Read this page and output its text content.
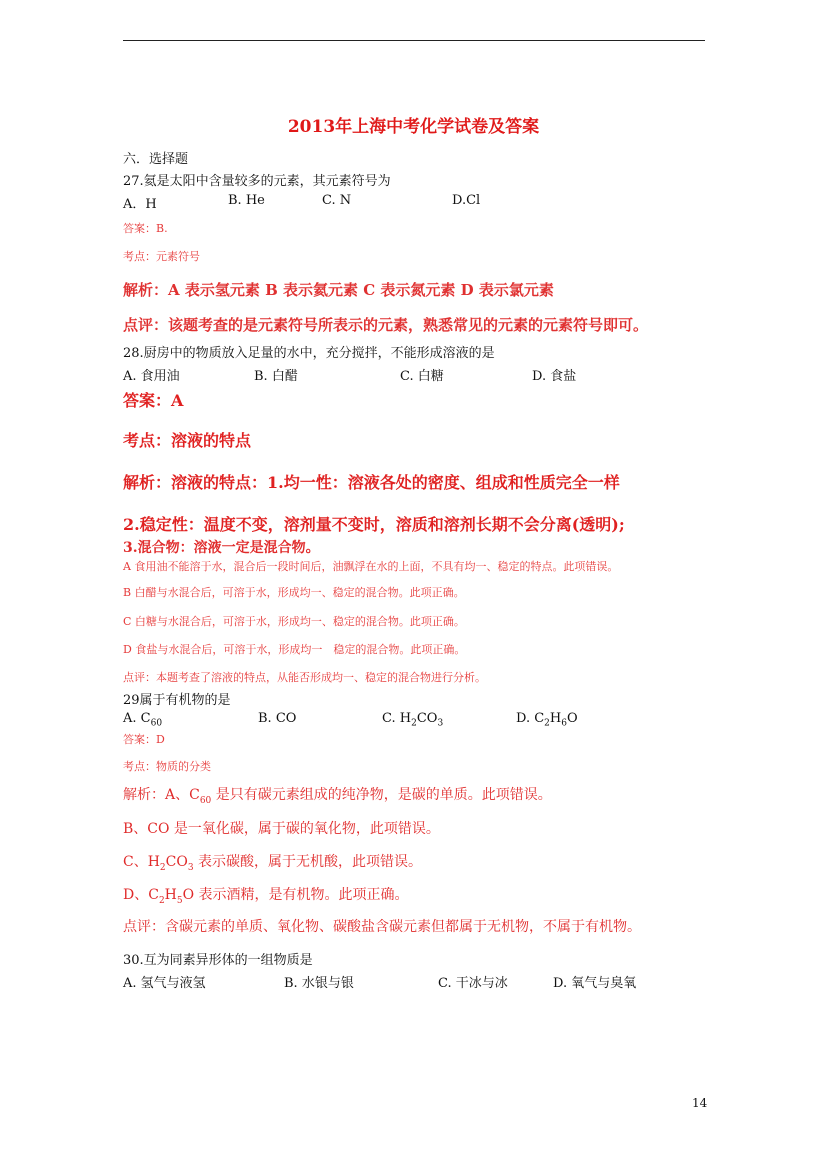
2013年上海中考化学试卷及答案
六．选择题
27.氦是太阳中含量较多的元素，其元素符号为
A．H	B. He	C. N	D.Cl
答案：B.
考点：元素符号
解析：A 表示氢元素 B 表示氦元素 C 表示氮元素 D 表示氯元素
点评：该题考查的是元素符号所表示的元素，熟悉常见的元素的元素符号即可。
28.厨房中的物质放入足量的水中，充分搅拌，不能形成溶液的是
A. 食用油	B. 白醋	C. 白糖	D. 食盐
答案：A
考点：溶液的特点
解析：溶液的特点：1.均一性：溶液各处的密度、组成和性质完全一样
2.稳定性：温度不变，溶剂量不变时，溶质和溶剂长期不会分离(透明);
3.混合物：溶液一定是混合物。
A 食用油不能溶于水，混合后一段时间后，油飘浮在水的上面，不具有均一、稳定的特点。此项错误。
B 白醋与水混合后，可溶于水，形成均一、稳定的混合物。此项正确。
C 白糖与水混合后，可溶于水，形成均一、稳定的混合物。此项正确。
D 食盐与水混合后，可溶于水，形成均一　稳定的混合物。此项正确。
点评：本题考查了溶液的特点，从能否形成均一、稳定的混合物进行分析。
29属于有机物的是
A. $C_{60}$	B. CO	C. $H_2CO_3$	D. $C_2H_6O$
答案：D
考点：物质的分类
解析：A、$C_{60}$ 是只有碳元素组成的纯净物，是碳的单质。此项错误。
B、CO 是一氧化碳，属于碳的氧化物，此项错误。
C、$H_2CO_3$ 表示碳酸，属于无机酸，此项错误。
D、$C_2H_5O$ 表示酒精，是有机物。此项正确。
点评：含碳元素的单质、氧化物、碳酸盐含碳元素但都属于无机物，不属于有机物。
30.互为同素异形体的一组物质是
A. 氢气与液氢	B. 水银与银	C. 干冰与冰	D. 氧气与臭氧
14
